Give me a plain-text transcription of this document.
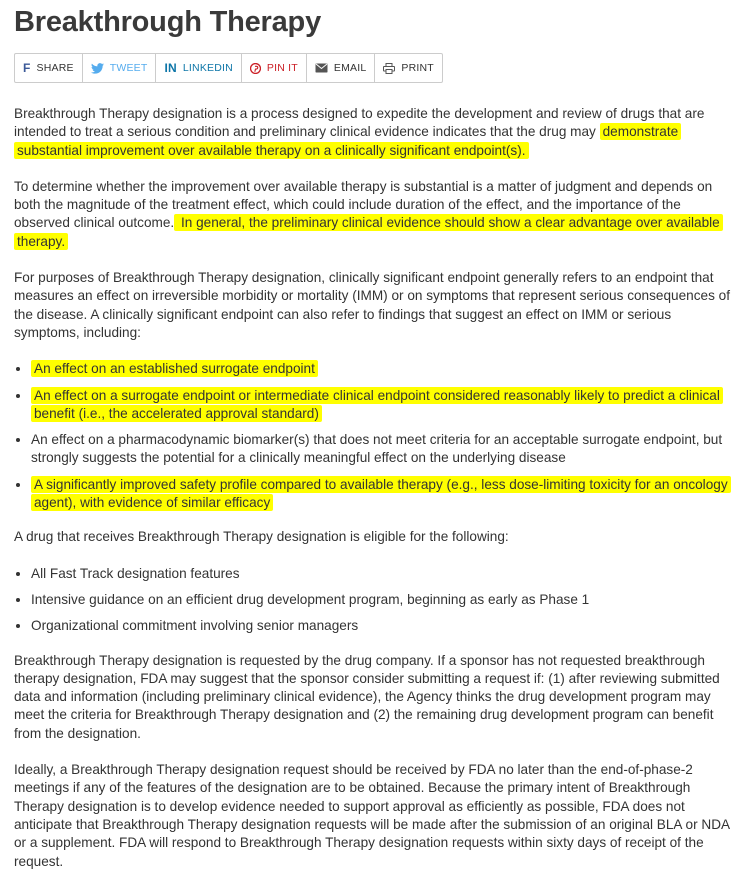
Breakthrough Therapy
F SHARE	TWEET IN LINKEDIN	PIN IT	EMAIL	PRINT

Breakthrough Therapy designation is a process designed to expedite the development and review of drugs that are intended to treat a serious condition and preliminary clinical evidence indicates that the drug may demonstrate substantial improvement over available therapy on a clinically significant endpoint(s).

To determine whether the improvement over available therapy is substantial is a matter of judgment and depends on both the magnitude of the treatment effect, which could include duration of the effect, and the importance of the observed clinical outcome. In general, the preliminary clinical evidence should show a clear advantage over available therapy.

For purposes of Breakthrough Therapy designation, clinically significant endpoint generally refers to an endpoint that measures an effect on irreversible morbidity or mortality (IMM) or on symptoms that represent serious consequences of the disease. A clinically significant endpoint can also refer to findings that suggest an effect on IMM or serious symptoms, including:

• An effect on an established surrogate endpoint
• An effect on a surrogate endpoint or intermediate clinical endpoint considered reasonably likely to predict a clinical benefit (i.e., the accelerated approval standard)
• An effect on a pharmacodynamic biomarker(s) that does not meet criteria for an acceptable surrogate endpoint, but strongly suggests the potential for a clinically meaningful effect on the underlying disease
• A significantly improved safety profile compared to available therapy (e.g., less dose-limiting toxicity for an oncology agent), with evidence of similar efficacy

A drug that receives Breakthrough Therapy designation is eligible for the following:

• All Fast Track designation features
• Intensive guidance on an efficient drug development program, beginning as early as Phase 1
• Organizational commitment involving senior managers

Breakthrough Therapy designation is requested by the drug company. If a sponsor has not requested breakthrough therapy designation, FDA may suggest that the sponsor consider submitting a request if: (1) after reviewing submitted data and information (including preliminary clinical evidence), the Agency thinks the drug development program may meet the criteria for Breakthrough Therapy designation and (2) the remaining drug development program can benefit from the designation.

Ideally, a Breakthrough Therapy designation request should be received by FDA no later than the end-of-phase-2 meetings if any of the features of the designation are to be obtained. Because the primary intent of Breakthrough Therapy designation is to develop evidence needed to support approval as efficiently as possible, FDA does not anticipate that Breakthrough Therapy designation requests will be made after the submission of an original BLA or NDA or a supplement. FDA will respond to Breakthrough Therapy designation requests within sixty days of receipt of the request.
